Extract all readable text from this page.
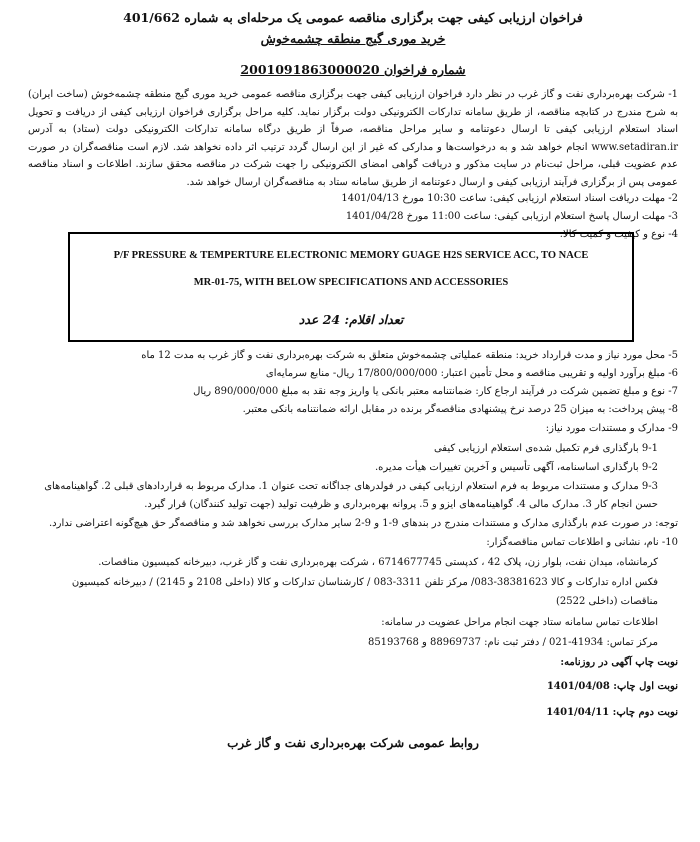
فراخوان ارزیابی کیفی جهت برگزاری مناقصه عمومی یک مرحله‌ای به شماره 401/662
خرید موری گیج منطقه چشمه‌خوش
شماره فراخوان 2001091863000020
1- شرکت بهره‌برداری نفت و گاز غرب در نظر دارد فراخوان ارزیابی کیفی جهت برگزاری مناقصه عمومی خرید موری گیج منطقه چشمه‌خوش (ساخت ایران) به شرح مندرج در کتابچه مناقصه، از طریق سامانه تدارکات الکترونیکی دولت برگزار نماید. کلیه مراحل برگزاری فراخوان ارزیابی کیفی از دریافت و تحویل اسناد استعلام ارزیابی کیفی تا ارسال دعوتنامه و سایر مراحل مناقصه، صرفاً از طریق درگاه سامانه تدارکات الکترونیکی دولت (ستاد) به آدرس www.setadiran.ir انجام خواهد شد و به درخواست‌ها و مدارکی که غیر از این ارسال گردد ترتیب اثر داده نخواهد شد. لازم است مناقصه‌گران در صورت عدم عضویت قبلی، مراحل ثبت‌نام در سایت مذکور و دریافت گواهی امضای الکترونیکی را جهت شرکت در مناقصه محقق سازند. اطلاعات و اسناد مناقصه عمومی پس از برگزاری فرآیند ارزیابی کیفی و ارسال دعوتنامه از طریق سامانه ستاد به مناقصه‌گران ارسال خواهد شد.
2- مهلت دریافت اسناد استعلام ارزیابی کیفی: ساعت 10:30 مورخ 1401/04/13
3- مهلت ارسال پاسخ استعلام ارزیابی کیفی: ساعت 11:00 مورخ 1401/04/28
4- نوع و کیفیت و کمیت کالا:
P/F PRESSURE & TEMPERTURE ELECTRONIC MEMORY GUAGE H2S SERVICE ACC, TO NACE
MR-01-75, WITH BELOW SPECIFICATIONS AND ACCESSORIES
تعداد اقلام: 24 عدد
5- محل مورد نیاز و مدت قرارداد خرید: منطقه عملیاتی چشمه‌خوش متعلق به شرکت بهره‌برداری نفت و گاز غرب به مدت 12 ماه
6- مبلغ برآورد اولیه و تقریبی مناقصه و محل تأمین اعتبار: 17/800/000/000 ریال- منابع سرمایه‌ای
7- نوع و مبلغ تضمین شرکت در فرآیند ارجاع کار: ضمانتنامه معتبر بانکی یا واریز وجه نقد به مبلغ 890/000/000 ریال
8- پیش پرداخت: به میزان 25 درصد نرخ پیشنهادی مناقصه‌گر برنده در مقابل ارائه ضمانتنامه بانکی معتبر.
9- مدارک و مستندات مورد نیاز:
9-1 بارگذاری فرم تکمیل شده‌ی استعلام ارزیابی کیفی
9-2 بارگذاری اساسنامه، آگهی تأسیس و آخرین تغییرات هیأت مدیره.
9-3 مدارک و مستندات مربوط به فرم استعلام ارزیابی کیفی در فولدرهای جداگانه تحت عنوان 1. مدارک مربوط به قراردادهای قبلی 2. گواهینامه‌های
حسن انجام کار 3. مدارک مالی 4. گواهینامه‌های ایزو و 5. پروانه بهره‌برداری و ظرفیت تولید (جهت تولید کنندگان) قرار گیرد.
توجه: در صورت عدم بارگذاری مدارک و مستندات مندرج در بندهای 9-1 و 9-2 سایر مدارک بررسی نخواهد شد و مناقصه‌گر حق هیچ‌گونه اعتراضی ندارد.
10- نام، نشانی و اطلاعات تماس مناقصه‌گزار:
کرمانشاه، میدان نفت، بلوار زن، پلاک 42 ، کدپستی 6714677745 ، شرکت بهره‌برداری نفت و گاز غرب، دبیرخانه کمیسیون مناقصات.
فکس اداره تدارکات و کالا 38381623-083/ مرکز تلفن 3311-083 / کارشناسان تدارکات و کالا (داخلی 2108 و 2145) / دبیرخانه کمیسیون
مناقصات (داخلی 2522)
اطلاعات تماس سامانه ستاد جهت انجام مراحل عضویت در سامانه:
مرکز تماس: 41934-021 / دفتر ثبت نام: 88969737 و 85193768
نوبت چاپ آگهی در روزنامه:
نوبت اول چاپ: 1401/04/08
نوبت دوم چاپ: 1401/04/11
روابط عمومی شرکت بهره‌برداری نفت و گاز غرب
